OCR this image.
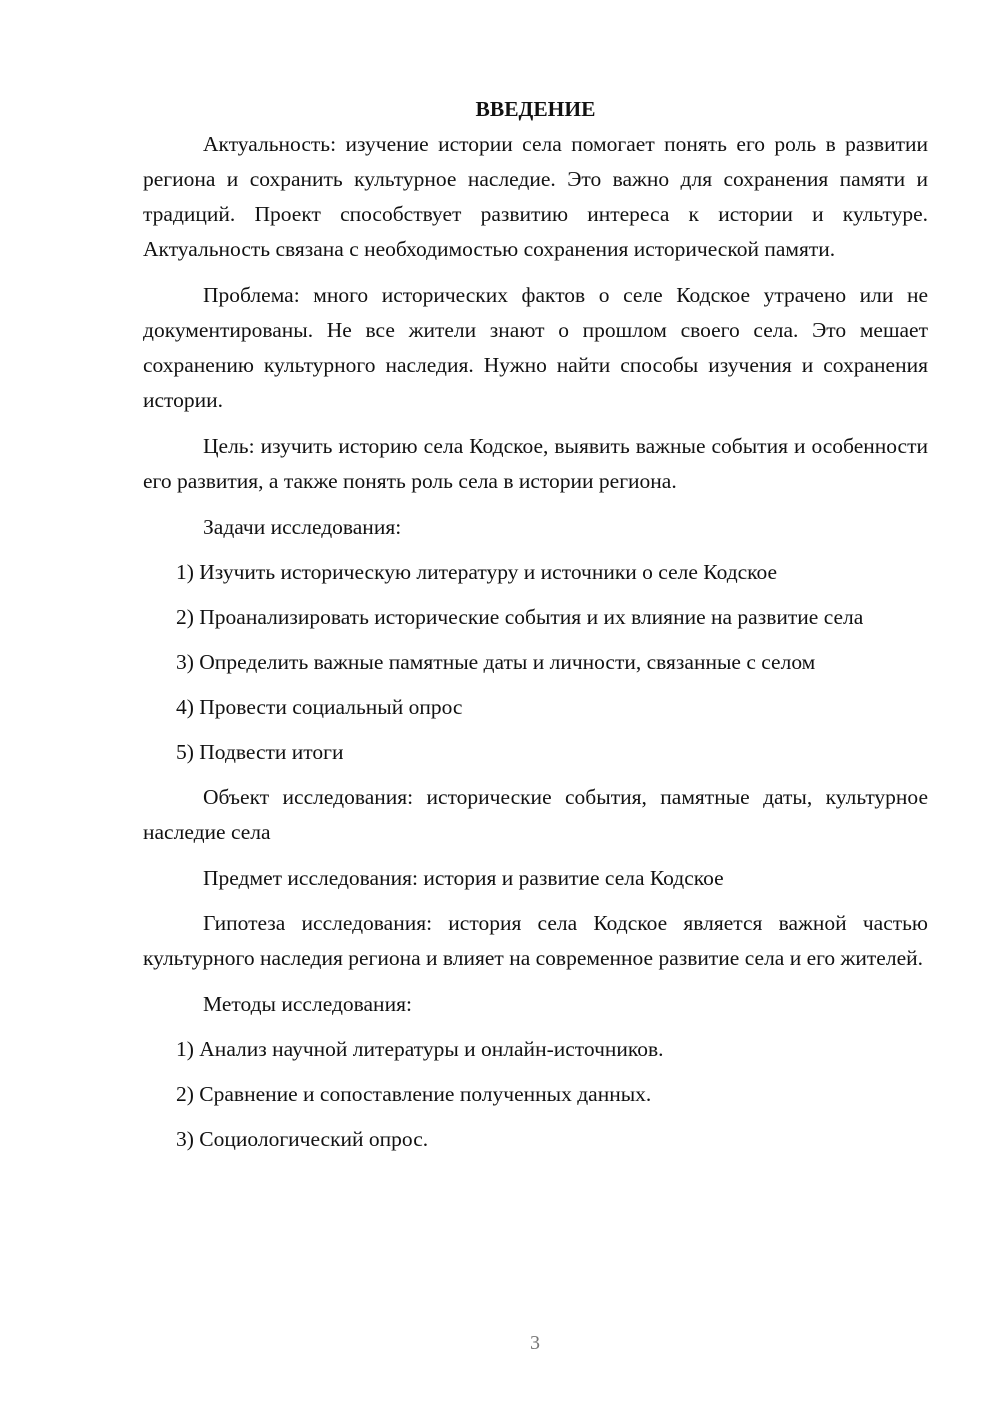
ВВЕДЕНИЕ

Актуальность: изучение истории села помогает понять его роль в развитии региона и сохранить культурное наследие. Это важно для сохранения памяти и традиций. Проект способствует развитию интереса к истории и культуре. Актуальность связана с необходимостью сохранения исторической памяти.

Проблема: много исторических фактов о селе Кодское утрачено или не документированы. Не все жители знают о прошлом своего села. Это мешает сохранению культурного наследия. Нужно найти способы изучения и сохранения истории.

Цель: изучить историю села Кодское, выявить важные события и особенности его развития, а также понять роль села в истории региона.

Задачи исследования:

1) Изучить историческую литературу и источники о селе Кодское

2) Проанализировать исторические события и их влияние на развитие села

3) Определить важные памятные даты и личности, связанные с селом

4) Провести социальный опрос

5) Подвести итоги

Объект исследования: исторические события, памятные даты, культурное наследие села

Предмет исследования: история и развитие села Кодское

Гипотеза исследования: история села Кодское является важной частью культурного наследия региона и влияет на современное развитие села и его жителей.

Методы исследования:

1) Анализ научной литературы и онлайн-источников.

2) Сравнение и сопоставление полученных данных.

3) Социологический опрос.

3
